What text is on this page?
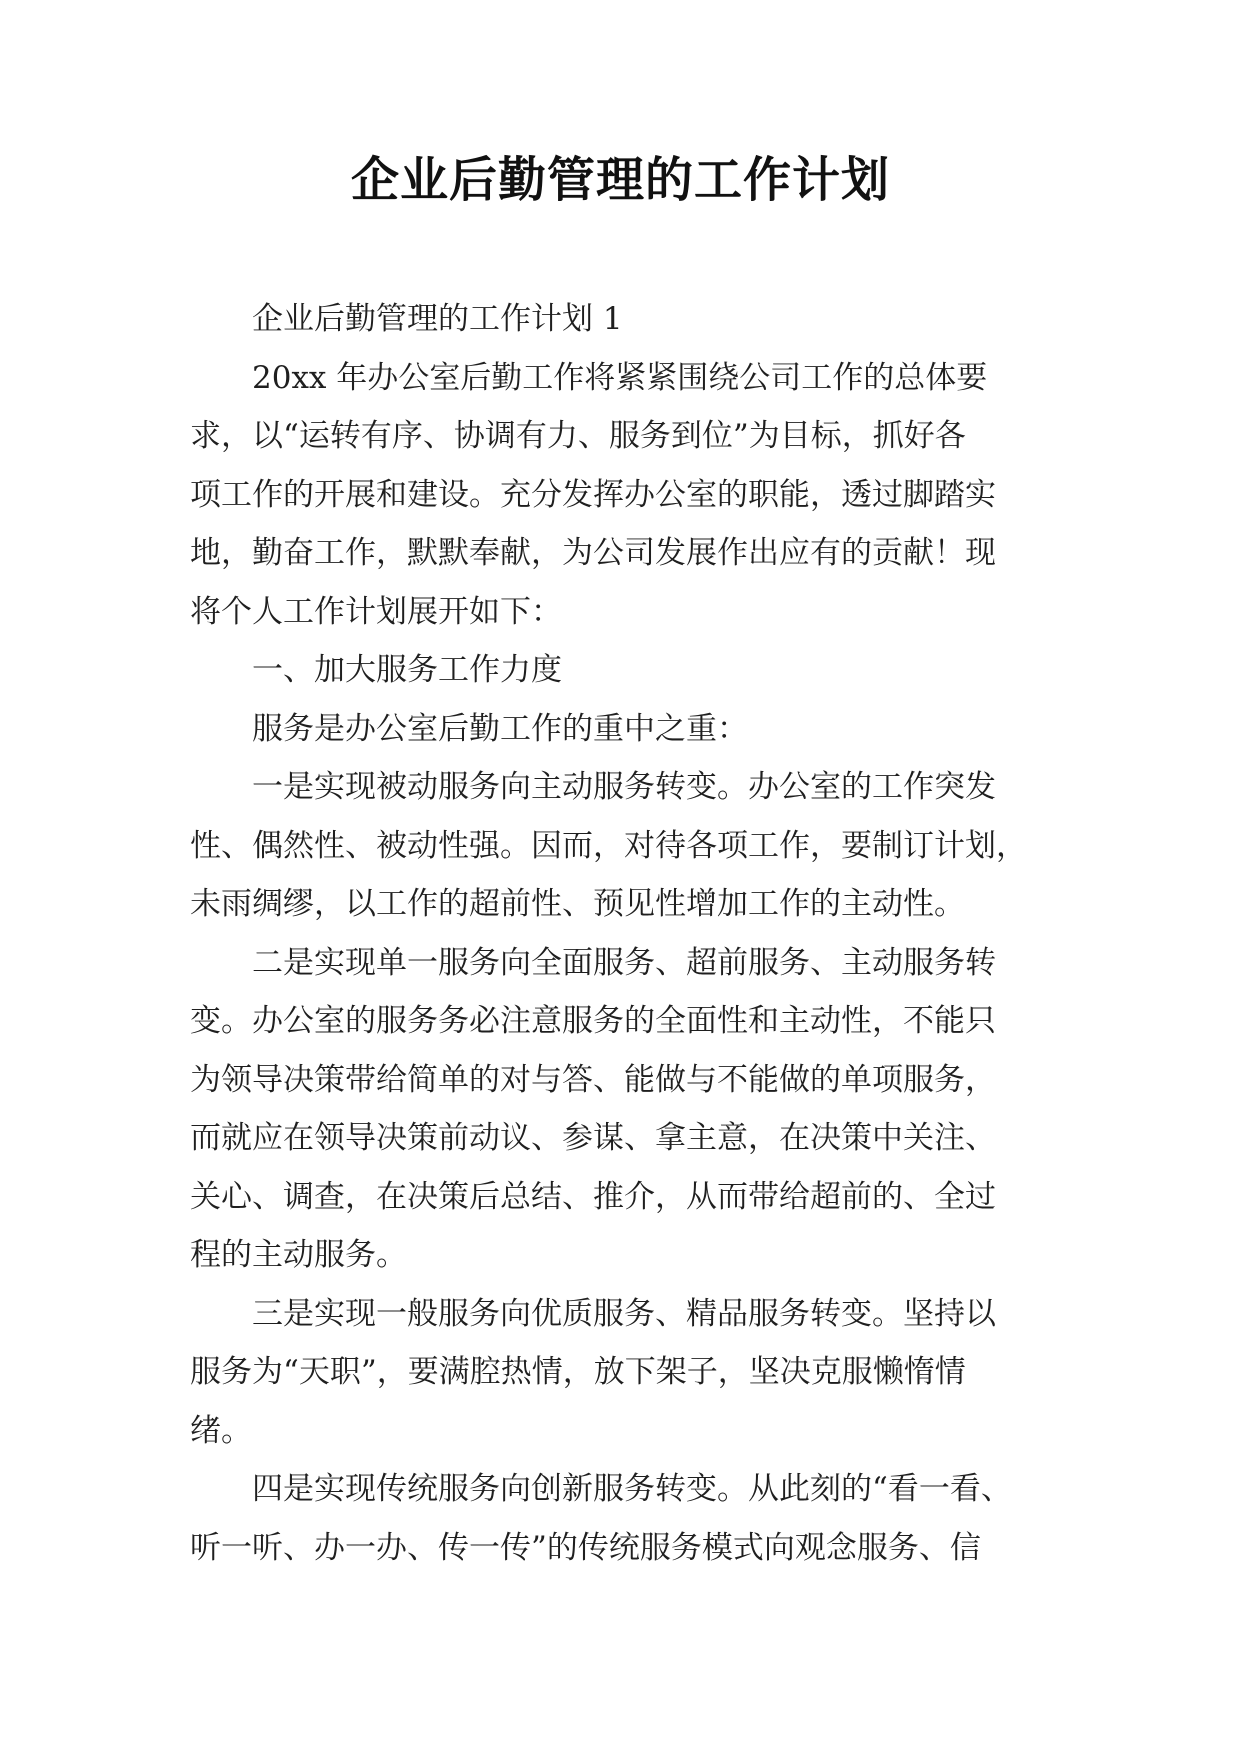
企业后勤管理的工作计划
企业后勤管理的工作计划 1
20xx 年办公室后勤工作将紧紧围绕公司工作的总体要
求，以“运转有序、协调有力、服务到位”为目标，抓好各
项工作的开展和建设。充分发挥办公室的职能，透过脚踏实
地，勤奋工作，默默奉献，为公司发展作出应有的贡献！现
将个人工作计划展开如下：
一、加大服务工作力度
服务是办公室后勤工作的重中之重：
一是实现被动服务向主动服务转变。办公室的工作突发
性、偶然性、被动性强。因而，对待各项工作，要制订计划，
未雨绸缪，以工作的超前性、预见性增加工作的主动性。
二是实现单一服务向全面服务、超前服务、主动服务转
变。办公室的服务务必注意服务的全面性和主动性，不能只
为领导决策带给简单的对与答、能做与不能做的单项服务，
而就应在领导决策前动议、参谋、拿主意，在决策中关注、
关心、调查，在决策后总结、推介，从而带给超前的、全过
程的主动服务。
三是实现一般服务向优质服务、精品服务转变。坚持以
服务为“天职”，要满腔热情，放下架子，坚决克服懒惰情
绪。
四是实现传统服务向创新服务转变。从此刻的“看一看、
听一听、办一办、传一传”的传统服务模式向观念服务、信
